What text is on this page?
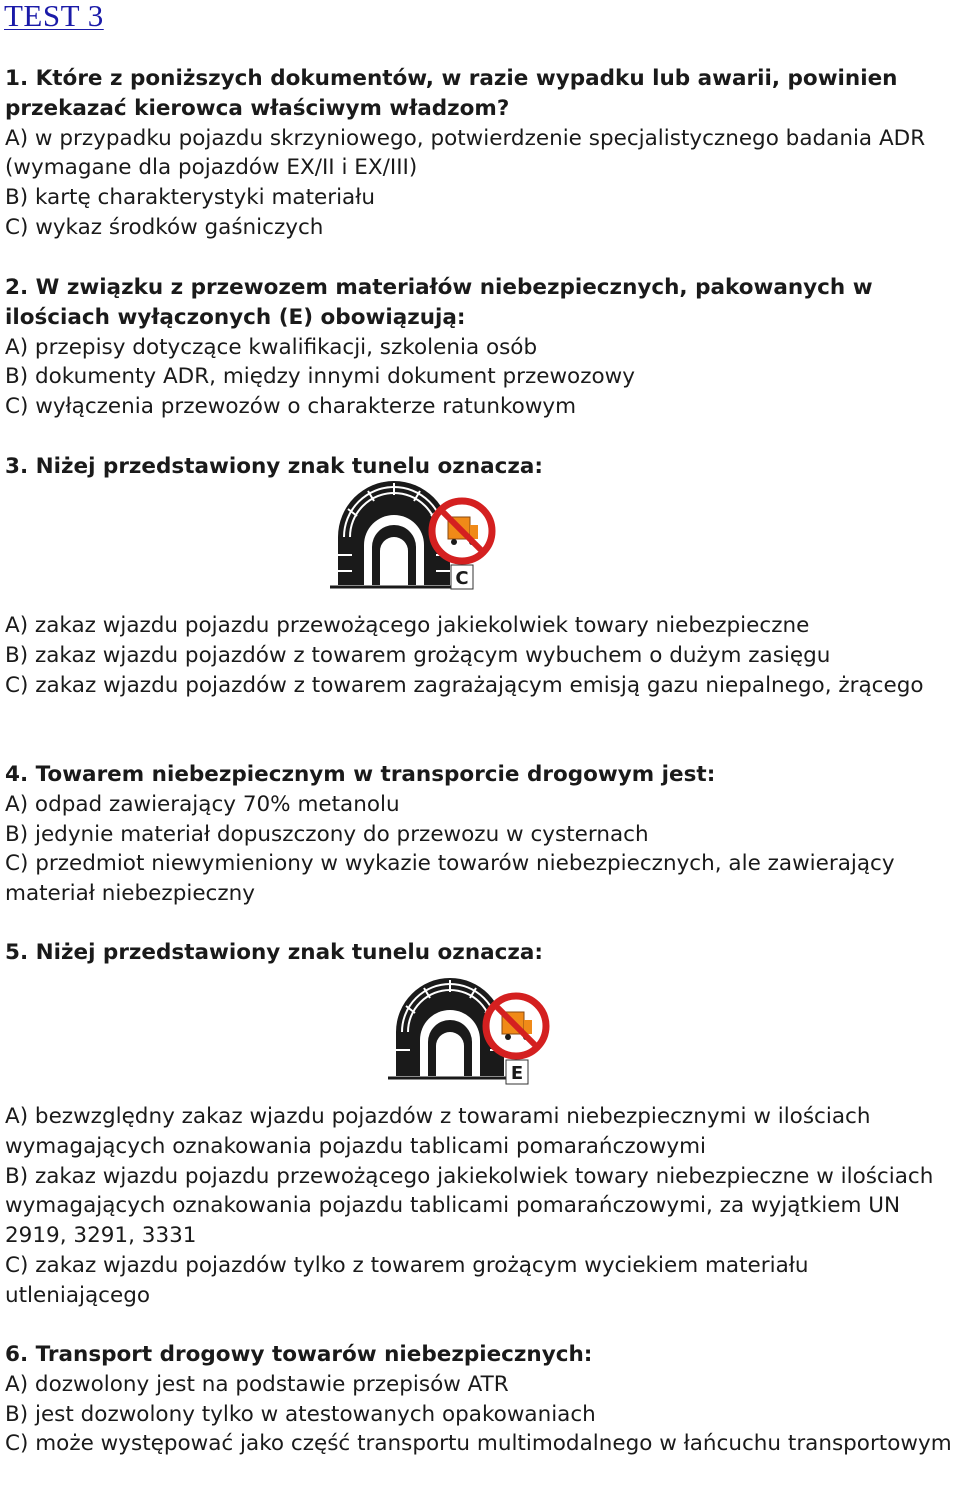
TEST 3
1. Które z poniższych dokumentów, w razie wypadku lub awarii, powinien przekazać kierowca właściwym władzom?
A) w przypadku pojazdu skrzyniowego, potwierdzenie specjalistycznego badania ADR (wymagane dla pojazdów EX/II i EX/III)
B) kartę charakterystyki materiału
C) wykaz środków gaśniczych
2. W związku z przewozem materiałów niebezpiecznych, pakowanych w ilościach wyłączonych (E) obowiązują:
A) przepisy dotyczące kwalifikacji, szkolenia osób
B) dokumenty ADR, między innymi dokument przewozowy
C) wyłączenia przewozów o charakterze ratunkowym
3. Niżej przedstawiony znak tunelu oznacza:
C
A) zakaz wjazdu pojazdu przewożącego jakiekolwiek towary niebezpieczne
B) zakaz wjazdu pojazdów z towarem grożącym wybuchem o dużym zasięgu
C) zakaz wjazdu pojazdów z towarem zagrażającym emisją gazu niepalnego, żrącego
4. Towarem niebezpiecznym w transporcie drogowym jest:
A) odpad zawierający 70% metanolu
B) jedynie materiał dopuszczony do przewozu w cysternach
C) przedmiot niewymieniony w wykazie towarów niebezpiecznych, ale zawierający materiał niebezpieczny
5. Niżej przedstawiony znak tunelu oznacza:
E
A) bezwzględny zakaz wjazdu pojazdów z towarami niebezpiecznymi w ilościach wymagających oznakowania pojazdu tablicami pomarańczowymi
B) zakaz wjazdu pojazdu przewożącego jakiekolwiek towary niebezpieczne w ilościach wymagających oznakowania pojazdu tablicami pomarańczowymi, za wyjątkiem UN 2919, 3291, 3331
C) zakaz wjazdu pojazdów tylko z towarem grożącym wyciekiem materiału utleniającego
6. Transport drogowy towarów niebezpiecznych:
A) dozwolony jest na podstawie przepisów ATR
B) jest dozwolony tylko w atestowanych opakowaniach
C) może występować jako część transportu multimodalnego w łańcuchu transportowym
